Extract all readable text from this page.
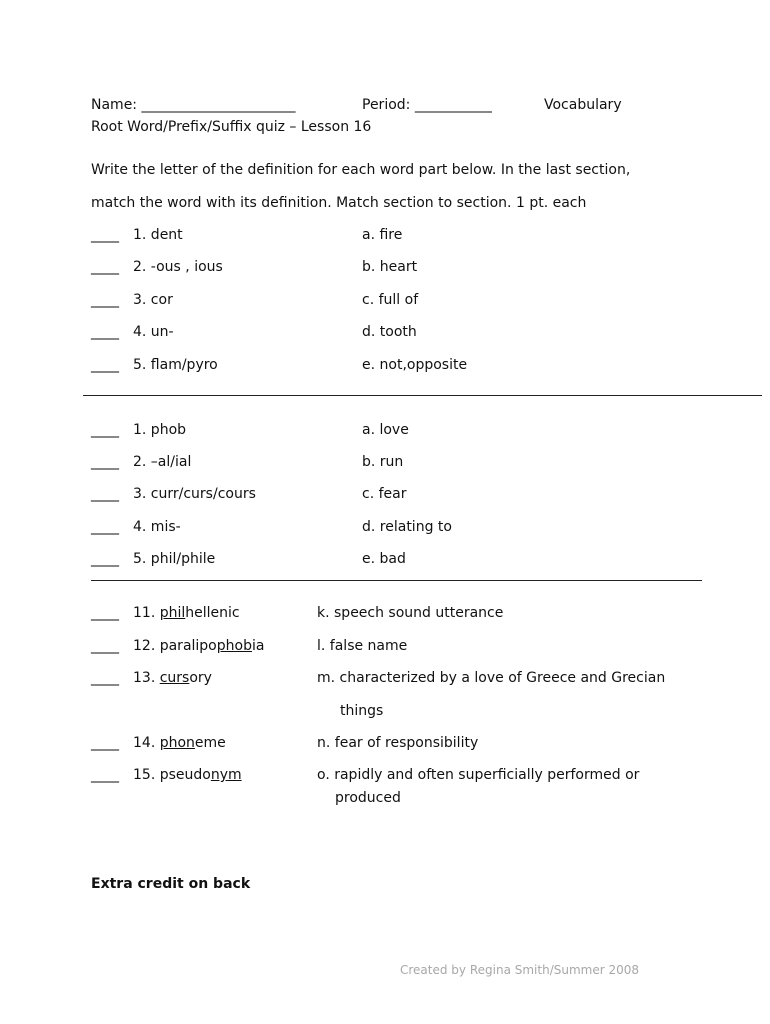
Name: ______________________	Period: ___________	Vocabulary
Root Word/Prefix/Suffix quiz – Lesson 16
Write the letter of the definition for each word part below. In the last section,
match the word with its definition. Match section to section. 1 pt. each
____ 1. dent	a. fire
____ 2. -ous , ious	b. heart
____ 3. cor	c. full of
____ 4. un-	d. tooth
____ 5. flam/pyro	e. not,opposite
____ 1. phob	a. love
____ 2. –al/ial	b. run
____ 3. curr/curs/cours	c. fear
____ 4. mis-	d. relating to
____ 5. phil/phile	e. bad
____ 11. philhellenic	k. speech sound utterance
____ 12. paralipophobia	l. false name
____ 13. cursory	m. characterized by a love of Greece and Grecian
things
____ 14. phoneme	n. fear of responsibility
____ 15. pseudonym	o. rapidly and often superficially performed or
produced
Extra credit on back
Created by Regina Smith/Summer 2008
